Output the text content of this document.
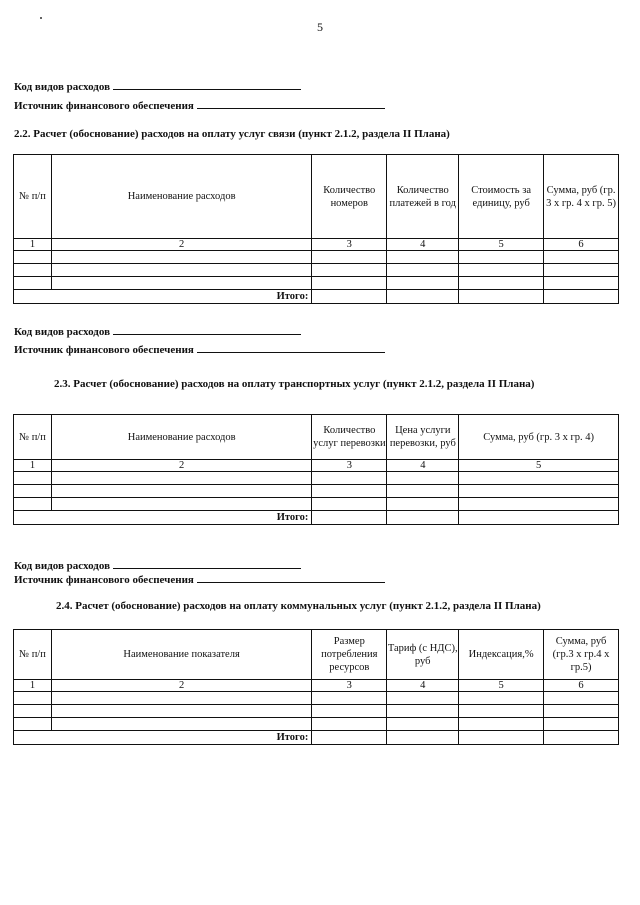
5
Код видов расходов
Источник финансового обеспечения
2.2. Расчет (обоснование) расходов на оплату услуг связи (пункт 2.1.2, раздела II Плана)
№ п/п	Наименование расходов	Количество номеров	Количество платежей в год	Стоимость за единицу, руб	Сумма, руб (гр. 3 х гр. 4 х гр. 5)
1	2	3	4	5	6

Итого:					
Код видов расходов
Источник финансового обеспечения
2.3. Расчет (обоснование) расходов на оплату транспортных услуг (пункт 2.1.2, раздела II Плана)
№ п/п	Наименование расходов	Количество услуг перевозки	Цена услуги перевозки, руб	Сумма, руб (гр. 3 х гр. 4)
1	2	3	4	5

Итого:				
Код видов расходов
Источник финансового обеспечения
2.4. Расчет (обоснование) расходов на оплату коммунальных услуг (пункт 2.1.2, раздела II Плана)
№ п/п	Наименование показателя	Размер потребления ресурсов	Тариф (с НДС), руб	Индексация,%	Сумма, руб (гр.3 х гр.4 х гр.5)
1	2	3	4	5	6

Итого:					
